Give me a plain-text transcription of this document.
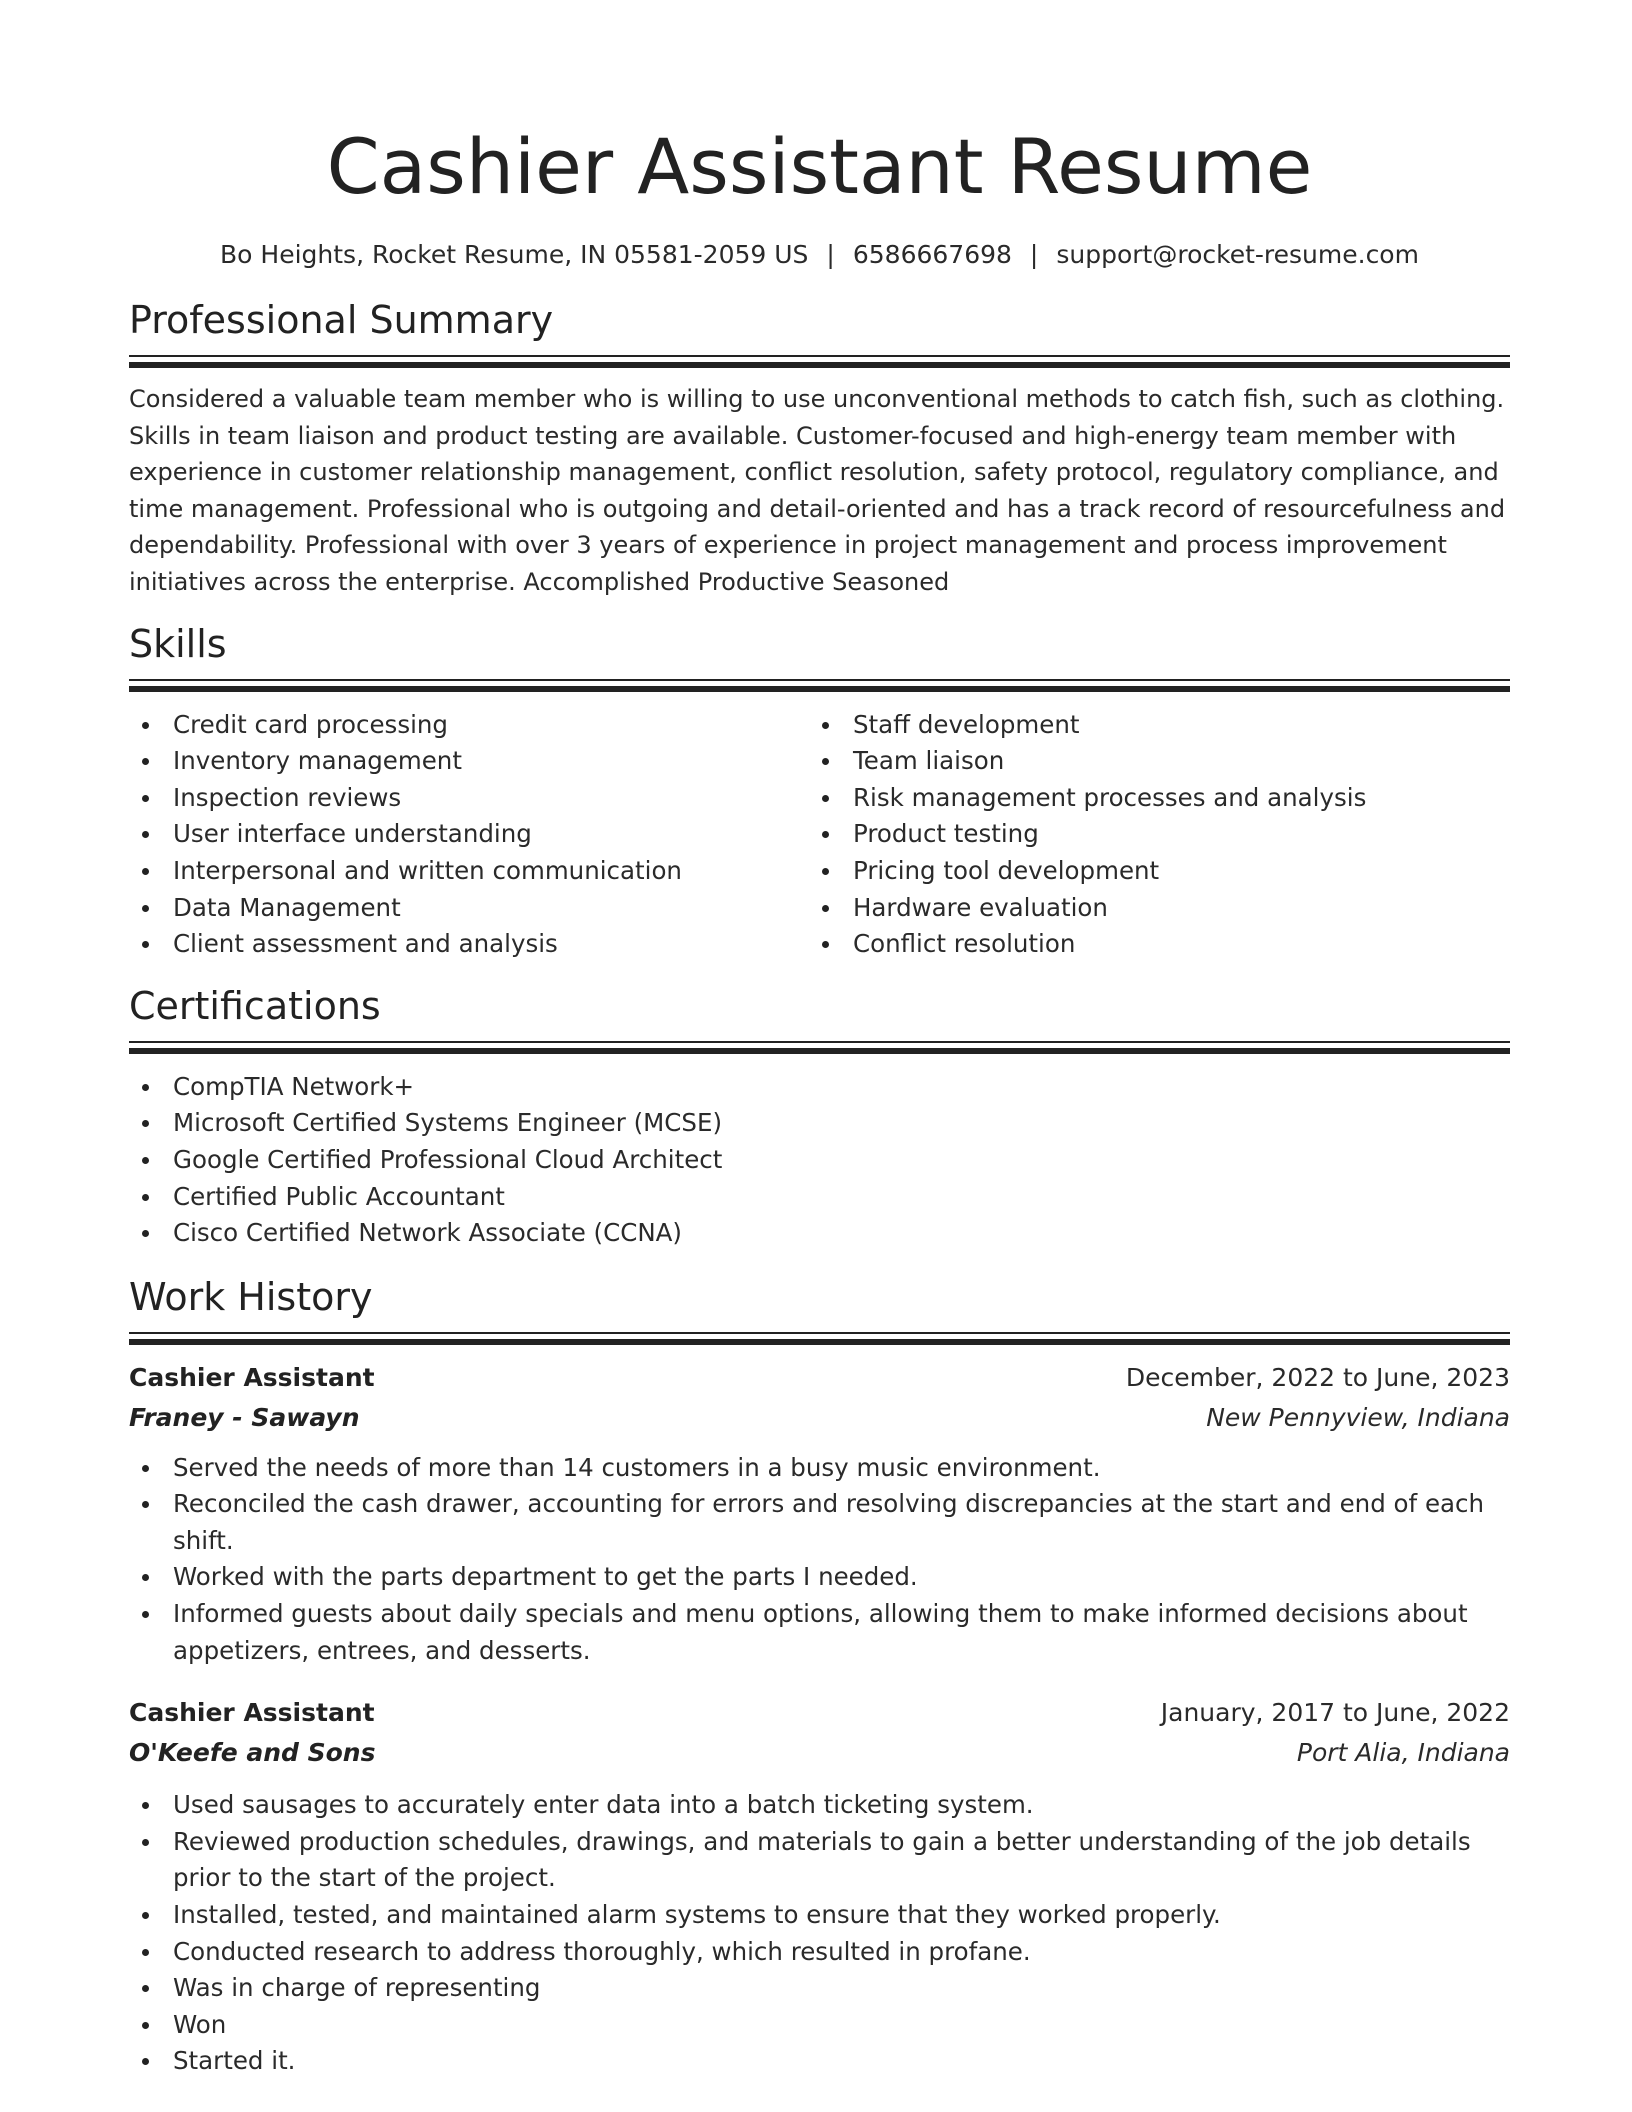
Cashier Assistant Resume
Bo Heights, Rocket Resume, IN 05581-2059 US | 6586667698 | support@rocket-resume.com
Professional Summary

Considered a valuable team member who is willing to use unconventional methods to catch fish, such as clothing. Skills in team liaison and product testing are available. Customer-focused and high-energy team member with experience in customer relationship management, conflict resolution, safety protocol, regulatory compliance, and time management. Professional who is outgoing and detail-oriented and has a track record of resourcefulness and dependability. Professional with over 3 years of experience in project management and process improvement initiatives across the enterprise. Accomplished Productive Seasoned

Skills
Credit card processing
Inventory management
Inspection reviews
User interface understanding
Interpersonal and written communication
Data Management
Client assessment and analysis
Staff development
Team liaison
Risk management processes and analysis
Product testing
Pricing tool development
Hardware evaluation
Conflict resolution
Certifications
CompTIA Network+
Microsoft Certified Systems Engineer (MCSE)
Google Certified Professional Cloud Architect
Certified Public Accountant
Cisco Certified Network Associate (CCNA)
Work History
Cashier Assistant	December, 2022 to June, 2023
Franey - Sawayn	New Pennyview, Indiana
Served the needs of more than 14 customers in a busy music environment.
Reconciled the cash drawer, accounting for errors and resolving discrepancies at the start and end of each shift.
Worked with the parts department to get the parts I needed.
Informed guests about daily specials and menu options, allowing them to make informed decisions about appetizers, entrees, and desserts.
Cashier Assistant	January, 2017 to June, 2022
O'Keefe and Sons	Port Alia, Indiana
Used sausages to accurately enter data into a batch ticketing system.
Reviewed production schedules, drawings, and materials to gain a better understanding of the job details prior to the start of the project.
Installed, tested, and maintained alarm systems to ensure that they worked properly.
Conducted research to address thoroughly, which resulted in profane.
Was in charge of representing
Won
Started it.
